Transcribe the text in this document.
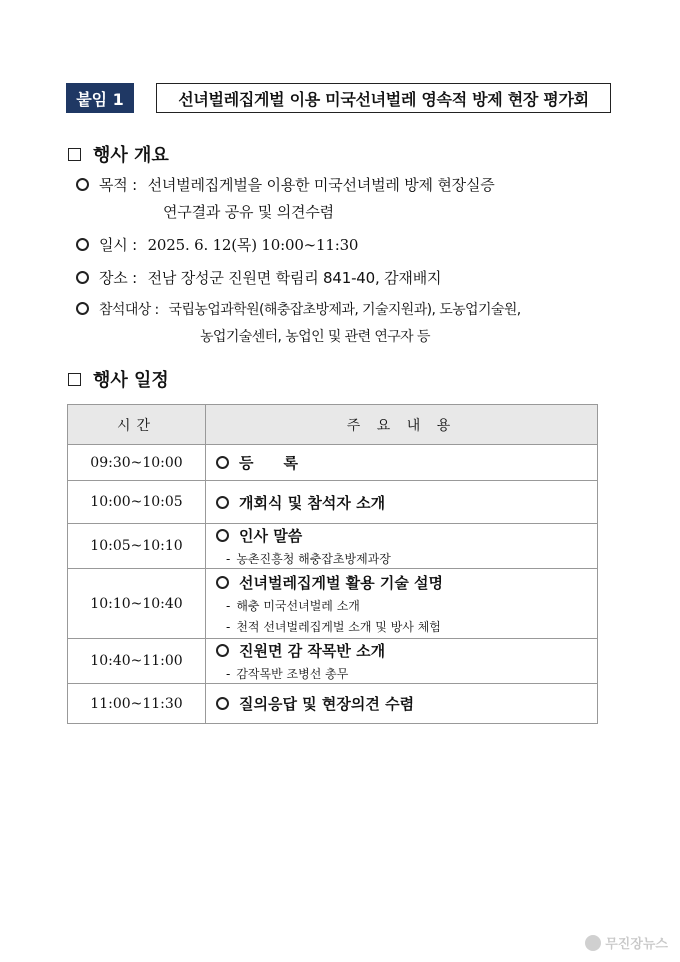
붙임 1	선녀벌레집게벌 이용 미국선녀벌레 영속적 방제 현장 평가회
행사 개요
목적 : 선녀벌레집게벌을 이용한 미국선녀벌레 방제 현장실증
연구결과 공유 및 의견수렴
일시 : 2025. 6. 12(목) 10:00∼11:30
장소 : 전남 장성군 진원면 학림리 841-40, 감재배지
참석대상 : 국립농업과학원(해충잡초방제과, 기술지원과), 도농업기술원,
농업기술센터, 농업인 및 관련 연구자 등
행사 일정
시간	주 요 내 용
09:30~10:00	등　　록

10:00~10:05	개회식 및 참석자 소개

10:05~10:10	인사 말씀
- 농촌진흥청 해충잡초방제과장

10:10~10:40	선녀벌레집게벌 활용 기술 설명
- 해충 미국선녀벌레 소개
- 천적 선녀벌레집게벌 소개 및 방사 체험

10:40~11:00	진원면 감 작목반 소개
- 감작목반 조병선 총무

11:00~11:30	질의응답 및 현장의견 수렴
무진장뉴스
